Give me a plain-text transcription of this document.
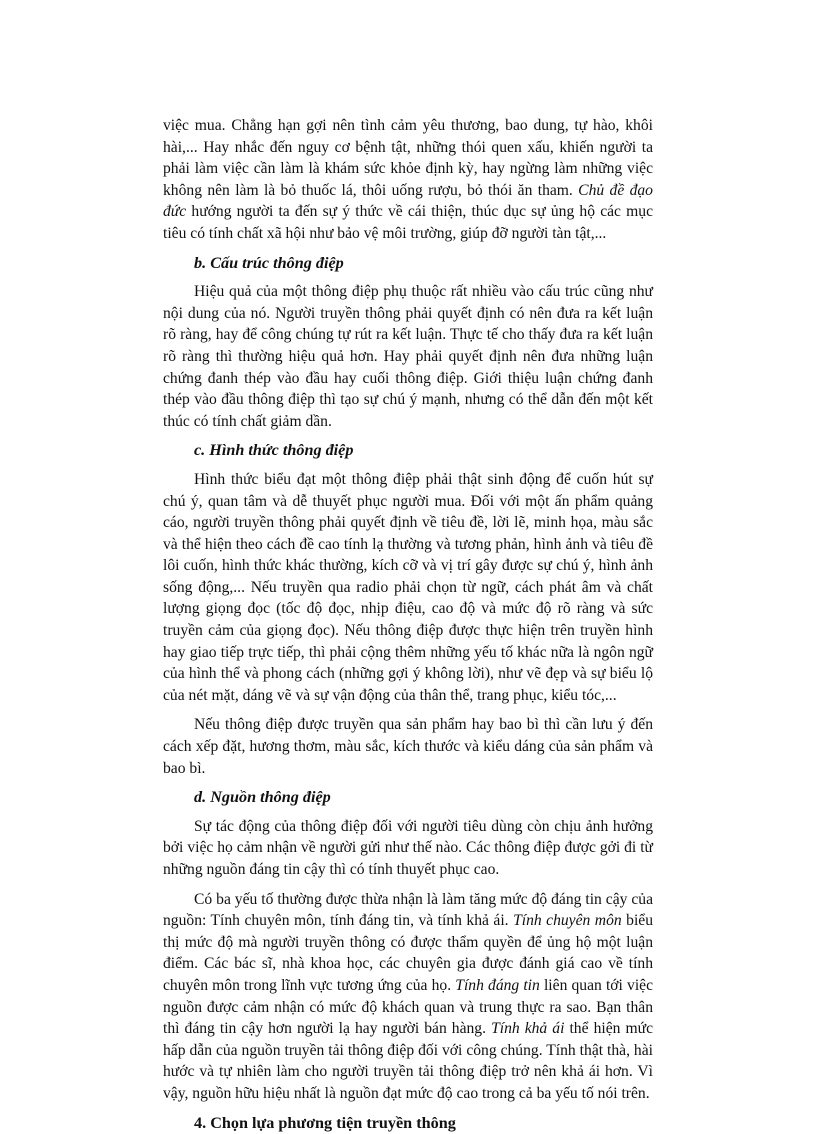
việc mua. Chẳng hạn gợi nên tình cảm yêu thương, bao dung, tự hào, khôi hài,... Hay nhắc đến nguy cơ bệnh tật, những thói quen xấu, khiến người ta phải làm việc cần làm là khám sức khỏe định kỳ, hay ngừng làm những việc không nên làm là bỏ thuốc lá, thôi uống rượu, bỏ thói ăn tham. Chủ đề đạo đức hướng người ta đến sự ý thức về cái thiện, thúc dục sự ủng hộ các mục tiêu có tính chất xã hội như bảo vệ môi trường, giúp đỡ người tàn tật,...

b. Cấu trúc thông điệp

Hiệu quả của một thông điệp phụ thuộc rất nhiều vào cấu trúc cũng như nội dung của nó. Người truyền thông phải quyết định có nên đưa ra kết luận rõ ràng, hay để công chúng tự rút ra kết luận. Thực tế cho thấy đưa ra kết luận rõ ràng thì thường hiệu quả hơn. Hay phải quyết định nên đưa những luận chứng đanh thép vào đầu hay cuối thông điệp. Giới thiệu luận chứng đanh thép vào đầu thông điệp thì tạo sự chú ý mạnh, nhưng có thể dẫn đến một kết thúc có tính chất giảm dần.

c. Hình thức thông điệp

Hình thức biểu đạt một thông điệp phải thật sinh động để cuốn hút sự chú ý, quan tâm và dễ thuyết phục người mua. Đối với một ấn phẩm quảng cáo, người truyền thông phải quyết định về tiêu đề, lời lẽ, minh họa, màu sắc và thể hiện theo cách đề cao tính lạ thường và tương phản, hình ảnh và tiêu đề lôi cuốn, hình thức khác thường, kích cỡ và vị trí gây được sự chú ý, hình ảnh sống động,... Nếu truyền qua radio phải chọn từ ngữ, cách phát âm và chất lượng giọng đọc (tốc độ đọc, nhịp điệu, cao độ và mức độ rõ ràng và sức truyền cảm của giọng đọc). Nếu thông điệp được thực hiện trên truyền hình hay giao tiếp trực tiếp, thì phải cộng thêm những yếu tố khác nữa là ngôn ngữ của hình thể và phong cách (những gợi ý không lời), như vẽ đẹp và sự biểu lộ của nét mặt, dáng vẽ và sự vận động của thân thể, trang phục, kiểu tóc,...

Nếu thông điệp được truyền qua sản phẩm hay bao bì thì cần lưu ý đến cách xếp đặt, hương thơm, màu sắc, kích thước và kiểu dáng của sản phẩm và bao bì.

d. Nguồn thông điệp

Sự tác động của thông điệp đối với người tiêu dùng còn chịu ảnh hưởng bởi việc họ cảm nhận về người gửi như thế nào. Các thông điệp được gởi đi từ những nguồn đáng tin cậy thì có tính thuyết phục cao.

Có ba yếu tố thường được thừa nhận là làm tăng mức độ đáng tin cậy của nguồn: Tính chuyên môn, tính đáng tin, và tính khả ái. Tính chuyên môn biểu thị mức độ mà người truyền thông có được thẩm quyền để ủng hộ một luận điểm. Các bác sĩ, nhà khoa học, các chuyên gia được đánh giá cao về tính chuyên môn trong lĩnh vực tương ứng của họ. Tính đáng tin liên quan tới việc nguồn được cảm nhận có mức độ khách quan và trung thực ra sao. Bạn thân thì đáng tin cậy hơn người lạ hay người bán hàng. Tính khả ái thể hiện mức hấp dẫn của nguồn truyền tải thông điệp đối với công chúng. Tính thật thà, hài hước và tự nhiên làm cho người truyền tải thông điệp trở nên khả ái hơn. Vì vậy, nguồn hữu hiệu nhất là nguồn đạt mức độ cao trong cả ba yếu tố nói trên.

4. Chọn lựa phương tiện truyền thông
